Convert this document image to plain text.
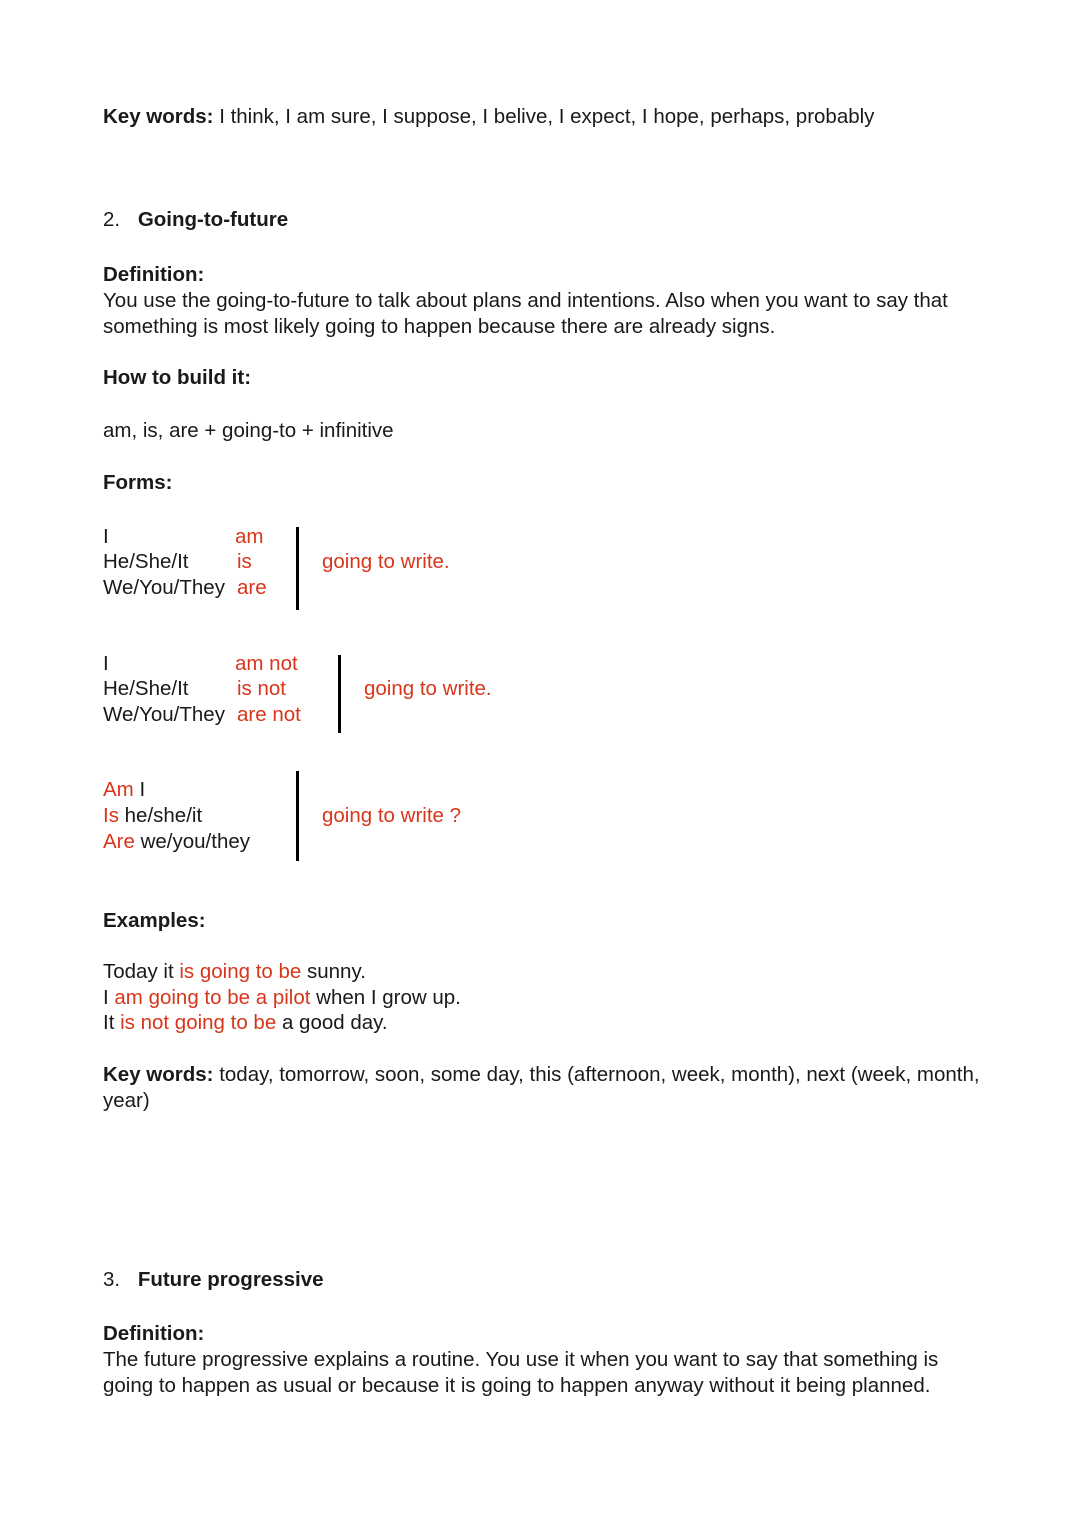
Key words: I think, I am sure, I suppose, I belive, I expect, I hope, perhaps, probably
2. Going-to-future
Definition:
You use the going-to-future to talk about plans and intentions. Also when you want to say that something is most likely going to happen because there are already signs.
How to build it:
am, is, are + going-to + infinitive
Forms:
I
He/She/It
We/You/They
am
is
are
going to write.
I
He/She/It
We/You/They
am not
is not
are not
going to write.
Am I
Is he/she/it
Are we/you/they
going to write ?
Examples:
Today it is going to be sunny.
I am going to be a pilot when I grow up.
It is not going to be a good day.
Key words: today, tomorrow, soon, some day, this (afternoon, week, month), next (week, month, year)
3. Future progressive
Definition:
The future progressive explains a routine. You use it when you want to say that something is going to happen as usual or because it is going to happen anyway without it being planned.
